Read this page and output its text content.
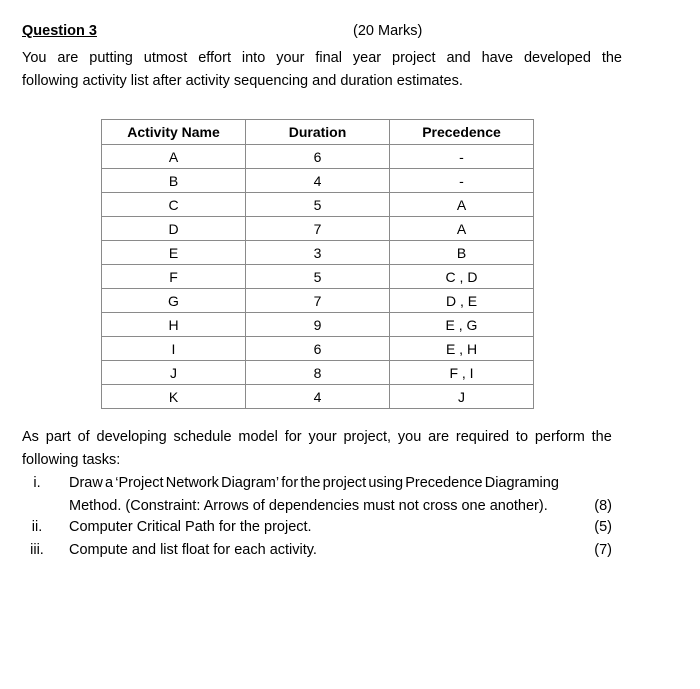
Question 3	(20 Marks)
You are putting utmost effort into your final year project and have developed the
following activity list after activity sequencing and duration estimates.
Activity Name	Duration	Precedence
A	6	-
B	4	-
C	5	A
D	7	A
E	3	B
F	5	C , D
G	7	D , E
H	9	E , G
I	6	E , H
J	8	F , I
K	4	J
As part of developing schedule model for your project, you are required to perform the
following tasks:
i.	Draw a ‘Project Network Diagram’ for the project using Precedence Diagraming
Method. (Constraint: Arrows of dependencies must not cross one another).	(8)
ii.	Computer Critical Path for the project.	(5)
iii.	Compute and list float for each activity.	(7)
